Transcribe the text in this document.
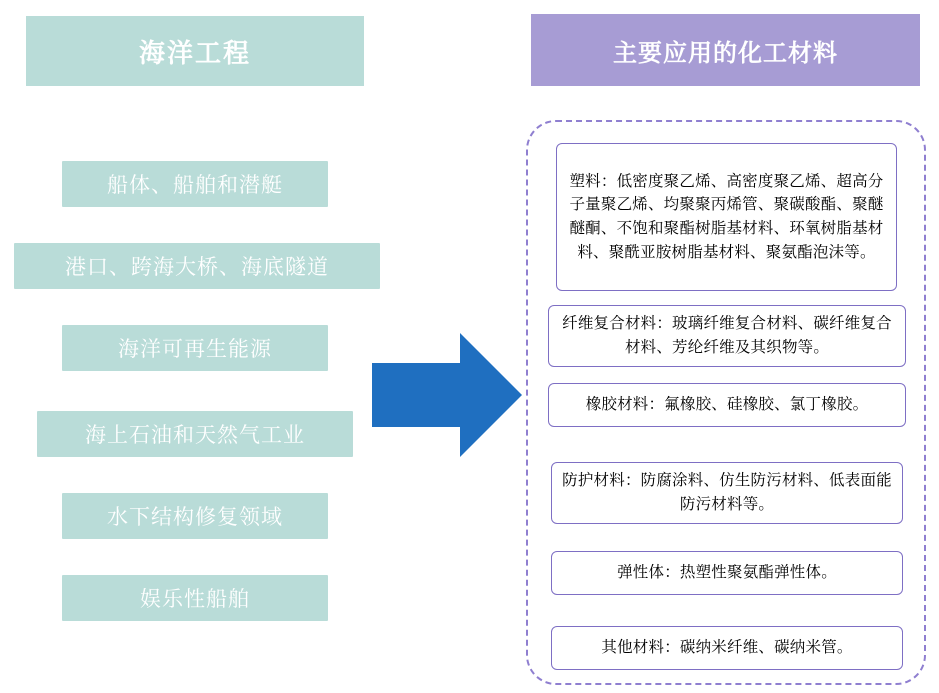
海洋工程
船体、船舶和潜艇
港口、跨海大桥、海底隧道
海洋可再生能源
海上石油和天然气工业
水下结构修复领域
娱乐性船舶
主要应用的化工材料

塑料：低密度聚乙烯、高密度聚乙烯、超高分子量聚乙烯、均聚聚丙烯管、聚碳酸酯、聚醚醚酮、不饱和聚酯树脂基材料、环氧树脂基材料、聚酰亚胺树脂基材料、聚氨酯泡沫等。

纤维复合材料：玻璃纤维复合材料、碳纤维复合材料、芳纶纤维及其织物等。

橡胶材料：氟橡胶、硅橡胶、氯丁橡胶。

防护材料：防腐涂料、仿生防污材料、低表面能防污材料等。

弹性体：热塑性聚氨酯弹性体。

其他材料：碳纳米纤维、碳纳米管。
